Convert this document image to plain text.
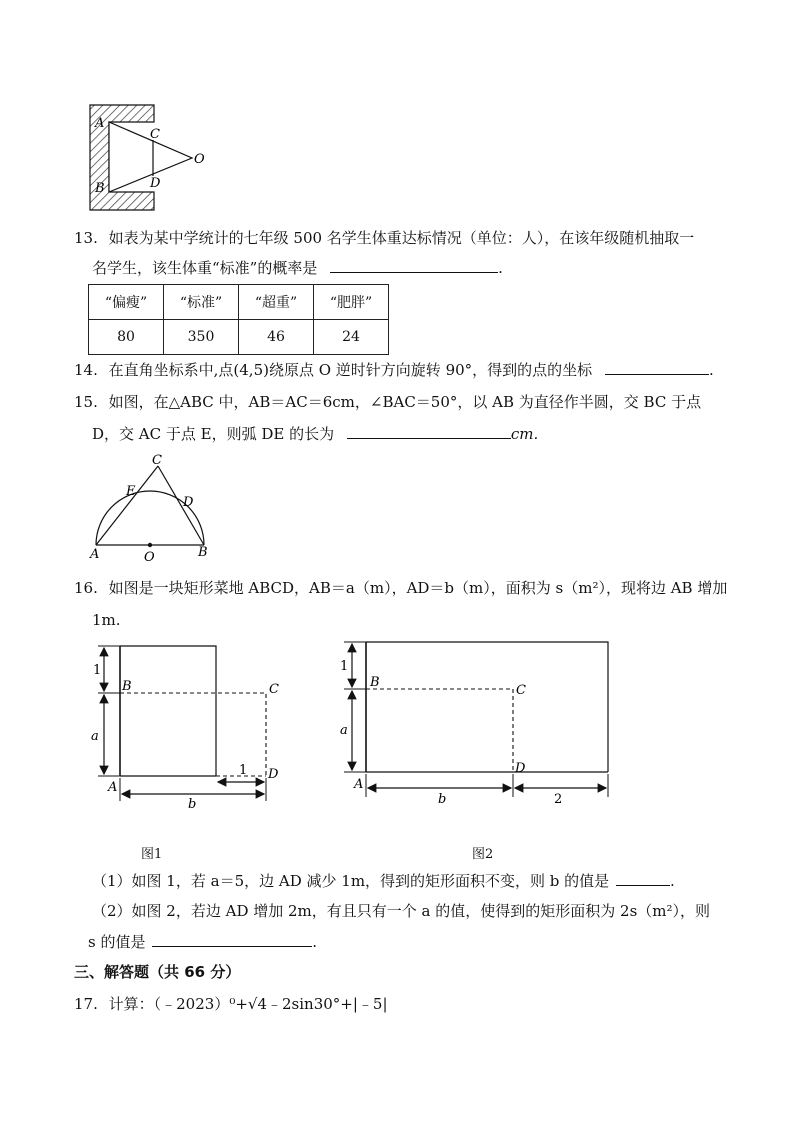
A
B
C
D
O
13. 如表为某中学统计的七年级 500 名学生体重达标情况（单位：人），在该年级随机抽取一
名学生，该生体重“标准”的概率是	.
“偏瘦”	“标准”	“超重”	“肥胖”
80	350	46	24
14. 在直角坐标系中,点(4,5)绕原点 O 逆时针方向旋转 90°，得到的点的坐标	.
15. 如图，在△ABC 中，AB＝AC＝6cm，∠BAC＝50°，以 AB 为直径作半圆，交 BC 于点
D，交 AC 于点 E，则弧 DE 的长为	cm.
C
E
D
A	O	B
16. 如图是一块矩形菜地 ABCD，AB＝a（m），AD＝b（m），面积为 s（m²），现将边 AB 增加
1m.
1
a
B	C
A
D
1
b
图1
1
a
B
C
A
D
b	2
图2
（1）如图 1，若 a＝5，边 AD 减少 1m，得到的矩形面积不变，则 b 的值是	.
（2）如图 2，若边 AD 增加 2m，有且只有一个 a 的值，使得到的矩形面积为 2s（m²），则
s 的值是	.
三、解答题（共 66 分）
17. 计算：（﹣2023）⁰+√4﹣2sin30°+|﹣5|
